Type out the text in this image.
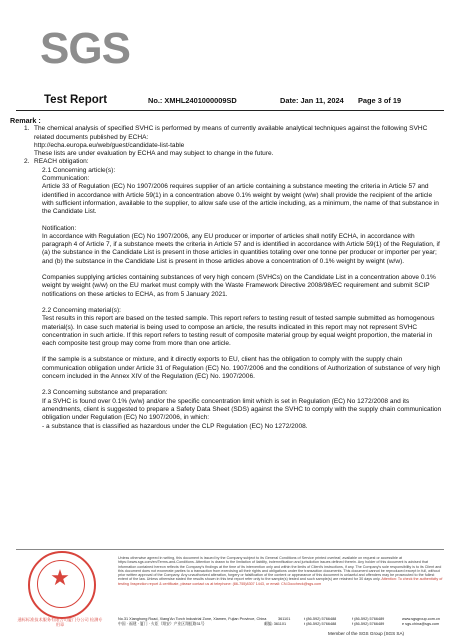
SGS
Test Report	No.: XMHL2401000009SD	Date: Jan 11, 2024 Page 3 of 19
Remark :
1. The chemical analysis of specified SVHC is performed by means of currently available analytical techniques against the following SVHC related documents published by ECHA:
http://echa.europa.eu/web/guest/candidate-list-table
These lists are under evaluation by ECHA and may subject to change in the future.
2. REACH obligation:
2.1 Concerning article(s):
Communication:
Article 33 of Regulation (EC) No 1907/2006 requires supplier of an article containing a substance meeting the criteria in Article 57 and identified in accordance with Article 59(1) in a concentration above 0.1% weight by weight (w/w) shall provide the recipient of the article with sufficient information, available to the supplier, to allow safe use of the article including, as a minimum, the name of that substance in the Candidate List.
Notification:
In accordance with Regulation (EC) No 1907/2006, any EU producer or importer of articles shall notify ECHA, in accordance with paragraph 4 of Article 7, if a substance meets the criteria in Article 57 and is identified in accordance with Article 59(1) of the Regulation, if (a) the substance in the Candidate List is present in those articles in quantities totaling over one tonne per producer or importer per year; and (b) the substance in the Candidate List is present in those articles above a concentration of 0.1% weight by weight (w/w).
Companies supplying articles containing substances of very high concern (SVHCs) on the Candidate List in a concentration above 0.1% weight by weight (w/w) on the EU market must comply with the Waste Framework Directive 2008/98/EC requirement and submit SCIP notifications on these articles to ECHA, as from 5 January 2021.
2.2 Concerning material(s):
Test results in this report are based on the tested sample. This report refers to testing result of tested sample submitted as homogenous material(s). In case such material is being used to compose an article, the results indicated in this report may not represent SVHC concentration in such article. If this report refers to testing result of composite material group by equal weight proportion, the material in each composite test group may come from more than one article.
If the sample is a substance or mixture, and it directly exports to EU, client has the obligation to comply with the supply chain communication obligation under Article 31 of Regulation (EC) No. 1907/2006 and the conditions of Authorization of substance of very high concern included in the Annex XIV of the Regulation (EC) No. 1907/2006.
2.3 Concerning substance and preparation:
If a SVHC is found over 0.1% (w/w) and/or the specific concentration limit which is set in Regulation (EC) No 1272/2008 and its amendments, client is suggested to prepare a Safety Data Sheet (SDS) against the SVHC to comply with the supply chain communication obligation under Regulation (EC) No 1907/2006, in which:
- a substance that is classified as hazardous under the CLP Regulation (EC) No 1272/2008.
★
通标标准技术服务有限公司厦门分公司 检测专用章
Unless otherwise agreed in writing, this document is issued by the Company subject to its General Conditions of Service printed overleaf, available on request or accessible at https://www.sgs.com/en/Terms-and-Conditions. Attention is drawn to the limitation of liability, indemnification and jurisdiction issues defined therein. Any holder of this document is advised that information contained hereon reflects the Company's findings at the time of its intervention only and within the limits of Client's instructions, if any. The Company's sole responsibility is to its Client and this document does not exonerate parties to a transaction from exercising all their rights and obligations under the transaction documents. This document cannot be reproduced except in full, without prior written approval of the Company. Any unauthorized alteration, forgery or falsification of the content or appearance of this document is unlawful and offenders may be prosecuted to the fullest extent of the law. Unless otherwise stated the results shown in this test report refer only to the sample(s) tested and such sample(s) are retained for 30 days only. Attention: To check the authenticity of testing /inspection report & certificate, please contact us at telephone: (86-755)8307 1443, or email: CN.Doccheck@sgs.com
No.31 Xianghong Road, Xiang'An Torch Industrial Zone, Xiamen, Fujian Province, China	361101	t (86-592) 5766488	f (86-592) 5766489	www.sgsgroup.com.cn
中国 · 福建 · 厦门 · 火炬（翔安）产业区翔虹路31号	邮编: 361101	t (86-592) 5766488	f (86-592) 5766489	e sgs.china@sgs.com
Member of the SGS Group (SGS SA)
